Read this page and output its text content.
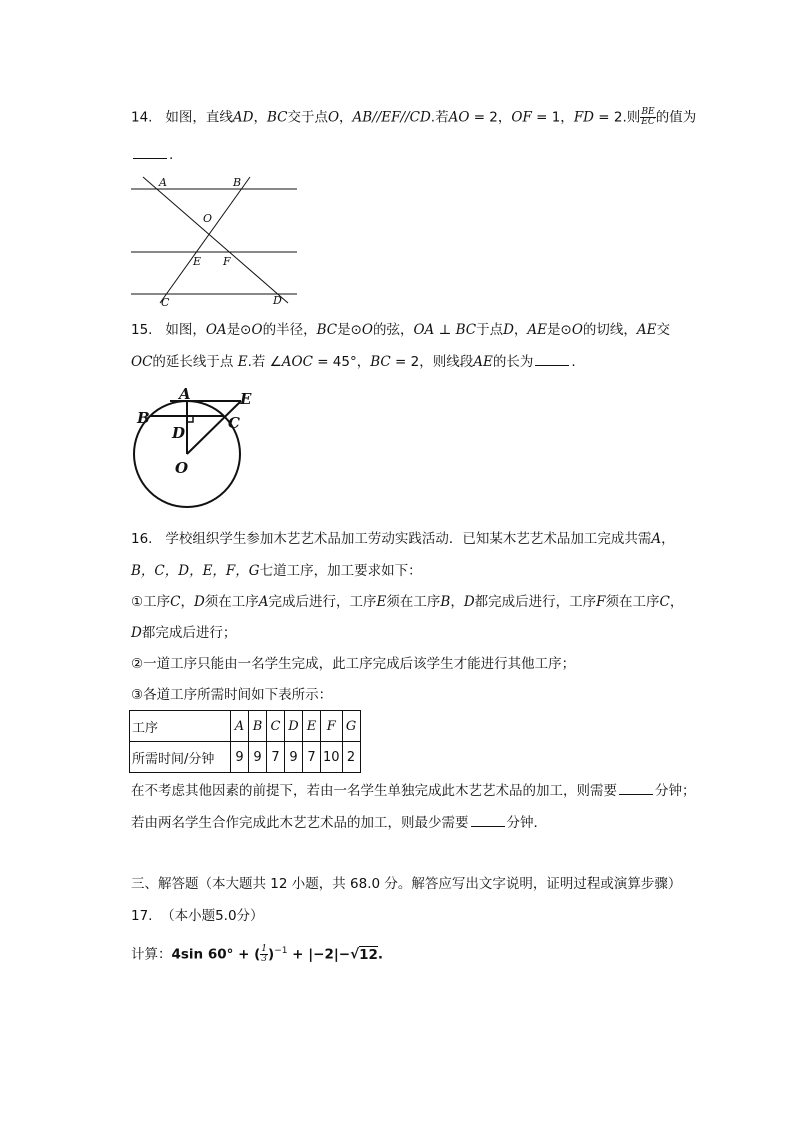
14. 如图，直线AD，BC交于点O，AB//EF//CD.若AO = 2，OF = 1，FD = 2.则 $\frac{BE}{EC}$ 的值为
.
A	B
O
E F
C	D
15. 如图，OA是⊙O的半径，BC是⊙O的弦，OA ⊥ BC于点D，AE是⊙O的切线，AE交
OC的延长线于点 E.若 ∠AOC = 45°，BC = 2，则线段AE的长为	.
A	E
B	C
D
O
16. 学校组织学生参加木艺艺术品加工劳动实践活动．已知某木艺艺术品加工完成共需A，
B，C，D，E，F，G七道工序，加工要求如下：
①工序C，D须在工序A完成后进行，工序E须在工序B，D都完成后进行，工序F须在工序C，
D都完成后进行；
②一道工序只能由一名学生完成，此工序完成后该学生才能进行其他工序；
③各道工序所需时间如下表所示：
工序	A	B	C	D	E	F	G
所需时间/分钟	9	9	7	9	7	10	2
在不考虑其他因素的前提下，若由一名学生单独完成此木艺艺术品的加工，则需要	分钟；
若由两名学生合作完成此木艺艺术品的加工，则最少需要	分钟．
三、解答题（本大题共 12 小题，共 68.0 分。解答应写出文字说明，证明过程或演算步骤）
17. （本小题5.0分）
计算：4sin 60° + ( $\frac{1}{3} )^{-1} + |-2|-√12$.
